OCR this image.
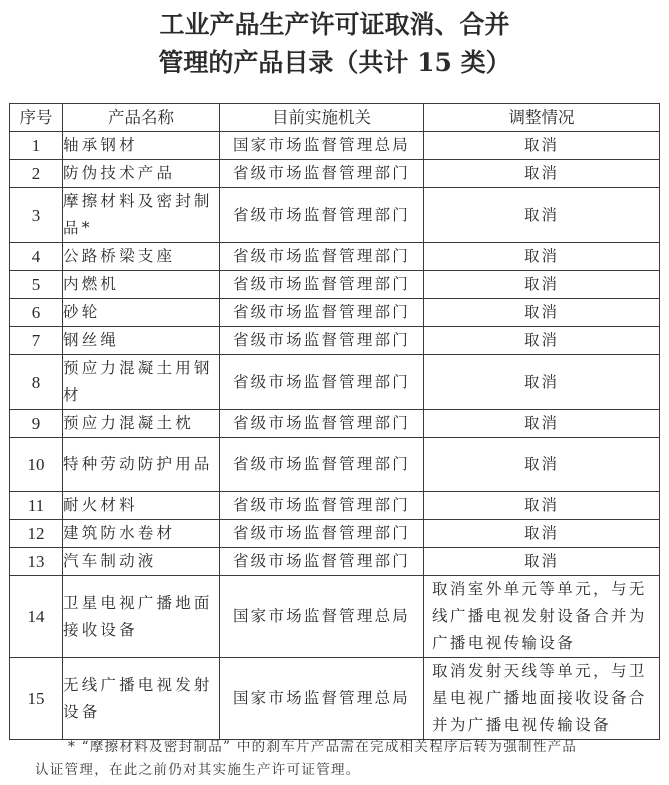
工业产品生产许可证取消、合并
管理的产品目录（共计 15 类）
序号	产品名称	目前实施机关	调整情况
1	轴承钢材	国家市场监督管理总局	取消
2	防伪技术产品	省级市场监督管理部门	取消
3	摩擦材料及密封制品*	省级市场监督管理部门	取消
4	公路桥梁支座	省级市场监督管理部门	取消
5	内燃机	省级市场监督管理部门	取消
6	砂轮	省级市场监督管理部门	取消
7	钢丝绳	省级市场监督管理部门	取消
8	预应力混凝土用钢材	省级市场监督管理部门	取消
9	预应力混凝土枕	省级市场监督管理部门	取消
10	特种劳动防护用品	省级市场监督管理部门	取消
11	耐火材料	省级市场监督管理部门	取消
12	建筑防水卷材	省级市场监督管理部门	取消
13	汽车制动液	省级市场监督管理部门	取消
14	卫星电视广播地面接收设备	国家市场监督管理总局	取消室外单元等单元，与无线广播电视发射设备合并为广播电视传输设备
15	无线广播电视发射设备	国家市场监督管理总局	取消发射天线等单元，与卫星电视广播地面接收设备合并为广播电视传输设备
* “摩擦材料及密封制品” 中的刹车片产品需在完成相关程序后转为强制性产品
认证管理，在此之前仍对其实施生产许可证管理。
